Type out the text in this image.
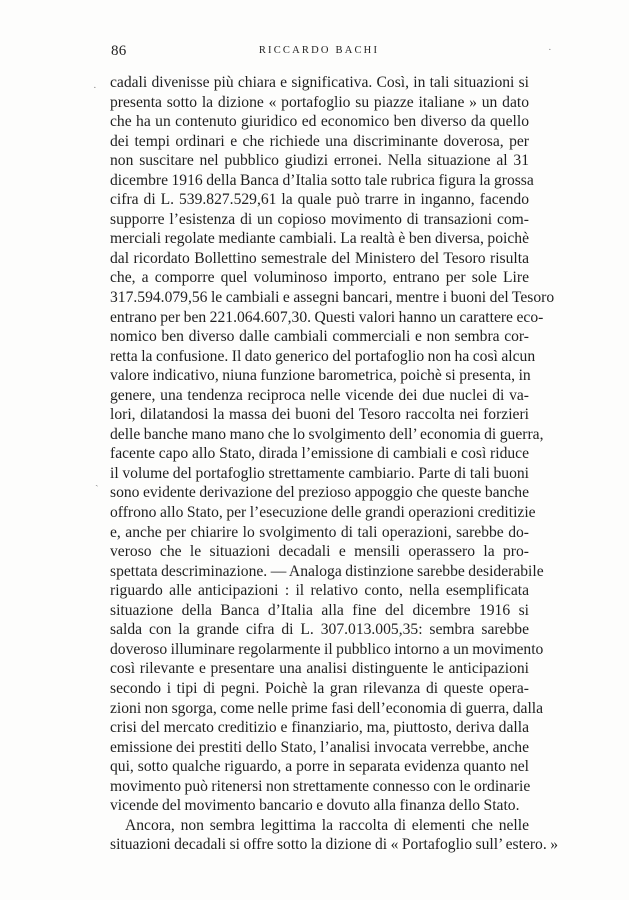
86	RICCARDO BACHI
·
ˏ
·
cadali divenisse più chiara e significativa. Così, in tali situazioni si
presenta sotto la dizione « portafoglio su piazze italiane » un dato
che ha un contenuto giuridico ed economico ben diverso da quello
dei tempi ordinari e che richiede una discriminante doverosa, per
non suscitare nel pubblico giudizi erronei. Nella situazione al 31
dicembre 1916 della Banca d’Italia sotto tale rubrica figura la grossa
cifra di L. 539.827.529,61 la quale può trarre in inganno, facendo
supporre l’esistenza di un copioso movimento di transazioni com-
merciali regolate mediante cambiali. La realtà è ben diversa, poichè
dal ricordato Bollettino semestrale del Ministero del Tesoro risulta
che, a comporre quel voluminoso importo, entrano per sole Lire
317.594.079,56 le cambiali e assegni bancari, mentre i buoni del Tesoro
entrano per ben 221.064.607,30. Questi valori hanno un carattere eco-
nomico ben diverso dalle cambiali commerciali e non sembra cor-
retta la confusione. Il dato generico del portafoglio non ha così alcun
valore indicativo, niuna funzione barometrica, poichè si presenta, in
genere, una tendenza reciproca nelle vicende dei due nuclei di va-
lori, dilatandosi la massa dei buoni del Tesoro raccolta nei forzieri
delle banche mano mano che lo svolgimento dell’ economia di guerra,
facente capo allo Stato, dirada l’emissione di cambiali e così riduce
il volume del portafoglio strettamente cambiario. Parte di tali buoni
sono evidente derivazione del prezioso appoggio che queste banche
offrono allo Stato, per l’esecuzione delle grandi operazioni creditizie
e, anche per chiarire lo svolgimento di tali operazioni, sarebbe do-
veroso che le situazioni decadali e mensili operassero la pro-
spettata descriminazione. — Analoga distinzione sarebbe desiderabile
riguardo alle anticipazioni : il relativo conto, nella esemplificata
situazione della Banca d’Italia alla fine del dicembre 1916 si
salda con la grande cifra di L. 307.013.005,35: sembra sarebbe
doveroso illuminare regolarmente il pubblico intorno a un movimento
così rilevante e presentare una analisi distinguente le anticipazioni
secondo i tipi di pegni. Poichè la gran rilevanza di queste opera-
zioni non sgorga, come nelle prime fasi dell’economia di guerra, dalla
crisi del mercato creditizio e finanziario, ma, piuttosto, deriva dalla
emissione dei prestiti dello Stato, l’analisi invocata verrebbe, anche
qui, sotto qualche riguardo, a porre in separata evidenza quanto nel
movimento può ritenersi non strettamente connesso con le ordinarie
vicende del movimento bancario e dovuto alla finanza dello Stato.
Ancora, non sembra legittima la raccolta di elementi che nelle
situazioni decadali si offre sotto la dizione di « Portafoglio sull’ estero. »
